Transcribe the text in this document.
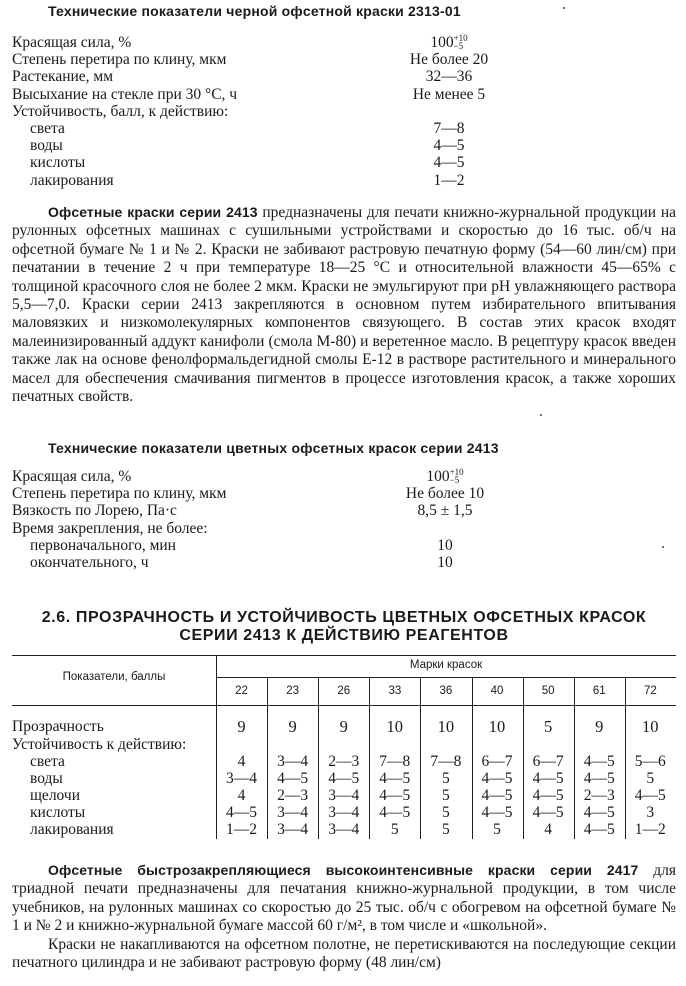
Технические показатели черной офсетной краски 2313-01
Красящая сила, %	100 +10
−5
Степень перетира по клину, мкм	Не более 20
Растекание, мм	32—36
Высыхание на стекле при 30 °С, ч	Не менее 5
Устойчивость, балл, к действию:
света	7—8
воды	4—5
кислоты	4—5
лакирования	1—2

Офсетные краски серии 2413 предназначены для печати книжно-журнальной продукции на рулонных офсетных машинах с сушильными устройствами и скоростью до 16 тыс. об/ч на офсетной бумаге № 1 и № 2. Краски не забивают растровую печатную форму (54—60 лин/см) при печатании в течение 2 ч при температуре 18—25 °С и относительной влажности 45—65% с толщиной красочного слоя не более 2 мкм. Краски не эмульгируют при рН увлажняющего раствора 5,5—7,0. Краски серии 2413 закрепляются в основном путем избирательного впитывания маловязких и низкомолекулярных компонентов связующего. В состав этих красок входят малеинизированный аддукт канифоли (смола М-80) и веретенное масло. В рецептуру красок введен также лак на основе фенолформальдегидной смолы Е-12 в растворе растительного и минерального масел для обеспечения смачивания пигментов в процессе изготовления красок, а также хороших печатных свойств.

Технические показатели цветных офсетных красок серии 2413
Красящая сила, %	100 +10
−5
Степень перетира по клину, мкм	Не более 10
Вязкость по Лорею, Па·с	8,5 ± 1,5
Время закрепления, не более:
первоначального, мин	10
окончательного, ч	10
2.6. ПРОЗРАЧНОСТЬ И УСТОЙЧИВОСТЬ ЦВЕТНЫХ ОФСЕТНЫХ КРАСОК
СЕРИИ 2413 К ДЕЙСТВИЮ РЕАГЕНТОВ
Показатели, баллы
Марки красок
22	23	26	33	36	40	50	61	72
Прозрачность	9	9	9	10	10	10	5	9	10
Устойчивость к действию:
света	4	3—4	2—3	7—8	7—8	6—7	6—7	4—5	5—6
воды	3—4	4—5	4—5	4—5	5	4—5	4—5	4—5	5
щелочи	4	2—3	3—4	4—5	5	4—5	4—5	2—3	4—5
кислоты	4—5	3—4	3—4	4—5	5	4—5	4—5	4—5	3
лакирования	1—2	3—4	3—4	5	5	5	4	4—5	1—2

Офсетные быстрозакрепляющиеся высокоинтенсивные краски серии 2417 для триадной печати предназначены для печатания книжно-журнальной продукции, в том числе учебников, на рулонных машинах со скоростью до 25 тыс. об/ч с обогревом на офсетной бумаге № 1 и № 2 и книжно-журнальной бумаге массой 60 г/м², в том числе и «школьной».

Краски не накапливаются на офсетном полотне, не перетискиваются на последующие секции печатного цилиндра и не забивают растровую форму (48 лин/см)
